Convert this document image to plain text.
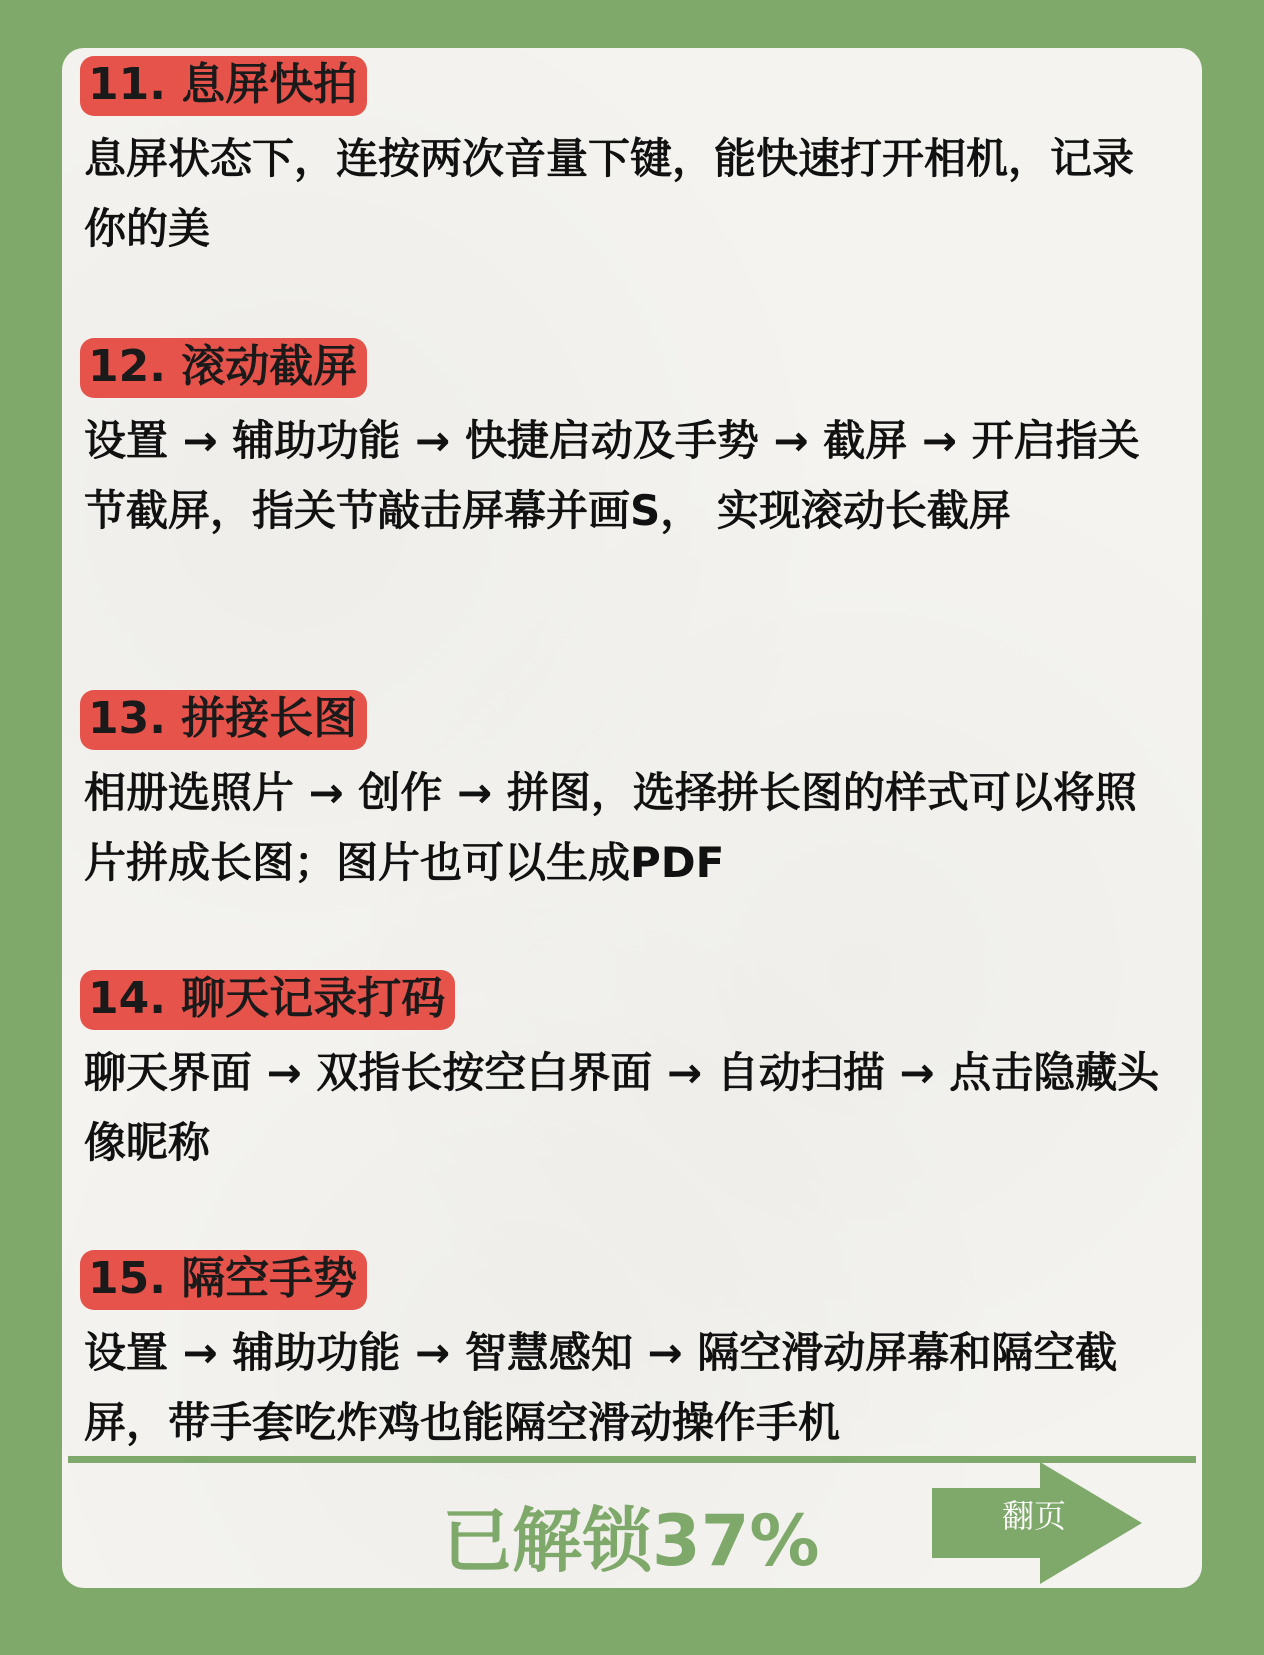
11. 息屏快拍
息屏状态下，连按两次音量下键，能快速打开相机，记录你的美
12. 滚动截屏
设置 → 辅助功能 → 快捷启动及手势 → 截屏 → 开启指关节截屏，指关节敲击屏幕并画S， 实现滚动长截屏
13. 拼接长图
相册选照片 → 创作 → 拼图，选择拼长图的样式可以将照片拼成长图；图片也可以生成PDF
14. 聊天记录打码
聊天界面 → 双指长按空白界面 → 自动扫描 → 点击隐藏头像昵称
15. 隔空手势
设置 → 辅助功能 → 智慧感知 → 隔空滑动屏幕和隔空截屏，带手套吃炸鸡也能隔空滑动操作手机
已解锁37%	翻页
